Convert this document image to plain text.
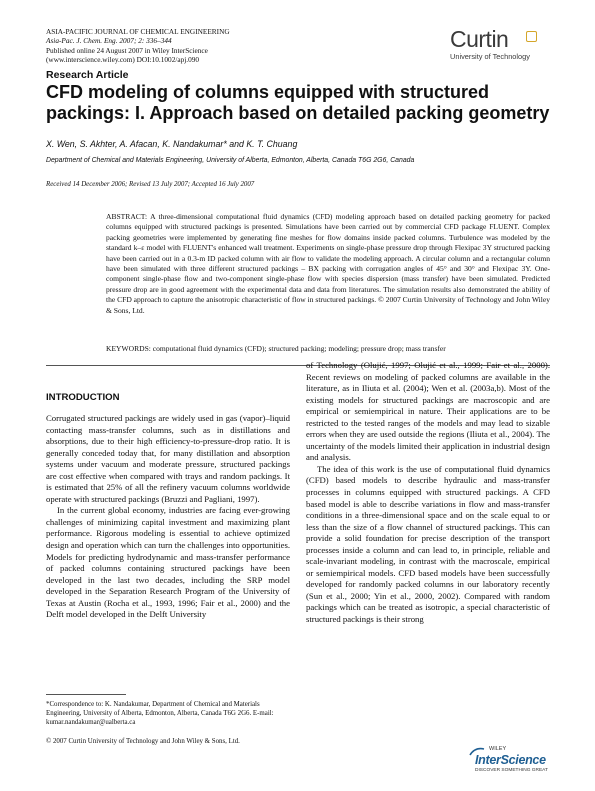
ASIA-PACIFIC JOURNAL OF CHEMICAL ENGINEERING
Asia-Pac. J. Chem. Eng. 2007; 2: 336–344
Published online 24 August 2007 in Wiley InterScience
(www.interscience.wiley.com) DOI:10.1002/apj.090
Curtin
University of Technology
Research Article
CFD modeling of columns equipped with structured packings: I. Approach based on detailed packing geometry
X. Wen, S. Akhter, A. Afacan, K. Nandakumar* and K. T. Chuang
Department of Chemical and Materials Engineering, University of Alberta, Edmonton, Alberta, Canada T6G 2G6, Canada
Received 14 December 2006; Revised 13 July 2007; Accepted 16 July 2007
ABSTRACT: A three-dimensional computational fluid dynamics (CFD) modeling approach based on detailed packing geometry for packed columns equipped with structured packings is presented. Simulations have been carried out by commercial CFD package FLUENT. Complex packing geometries were implemented by generating fine meshes for flow domains inside packed columns. Turbulence was modeled by the standard k–ε model with FLUENT's enhanced wall treatment. Experiments on single-phase pressure drop through Flexipac 3Y structured packing have been carried out in a 0.3-m ID packed column with air flow to validate the modeling approach. A circular column and a rectangular column have been simulated with three different structured packings – BX packing with corrugation angles of 45° and 30° and Flexipac 3Y. One-component single-phase flow and two-component single-phase flow with species dispersion (mass transfer) have been simulated. Predicted pressure drop are in good agreement with the experimental data and data from literatures. The simulation results also demonstrated the ability of the CFD approach to capture the anisotropic characteristic of flow in structured packings. © 2007 Curtin University of Technology and John Wiley & Sons, Ltd.
KEYWORDS: computational fluid dynamics (CFD); structured packing; modeling; pressure drop; mass transfer
INTRODUCTION

Corrugated structured packings are widely used in gas (vapor)–liquid contacting mass-transfer columns, such as in distillations and absorptions, due to their high efficiency-to-pressure-drop ratio. It is generally conceded today that, for many distillation and absorption systems under vacuum and moderate pressure, structured packings are cost effective when compared with trays and random packings. It is estimated that 25% of all the refinery vacuum columns worldwide operate with structured packings (Bruzzi and Pagliani, 1997).

In the current global economy, industries are facing ever-growing challenges of minimizing capital investment and maximizing plant performance. Rigorous modeling is essential to achieve optimized design and operation which can turn the challenges into opportunities. Models for predicting hydrodynamic and mass-transfer performance of packed columns containing structured packings have been developed in the last two decades, including the SRP model developed in the Separation Research Program of the University of Texas at Austin (Rocha et al., 1993, 1996; Fair et al., 2000) and the Delft model developed in the Delft University

of Technology (Olujić, 1997; Olujić et al., 1999; Fair et al., 2000). Recent reviews on modeling of packed columns are available in the literature, as in Iliuta et al. (2004); Wen et al. (2003a,b). Most of the existing models for structured packings are macroscopic and are empirical or semiempirical in nature. Their applications are to be restricted to the tested ranges of the models and may lead to sizable errors when they are used outside the regions (Iliuta et al., 2004). The uncertainty of the models limited their application in industrial design and analysis.

The idea of this work is the use of computational fluid dynamics (CFD) based models to describe hydraulic and mass-transfer processes in columns equipped with structured packings. A CFD based model is able to describe variations in flow and mass-transfer conditions in a three-dimensional space and on the scale equal to or less than the size of a flow channel of structured packings. This can provide a solid foundation for precise description of the transport processes inside a column and can lead to, in principle, reliable and scale-invariant modeling, in contrast with the macroscale, empirical or semiempirical models. CFD based models have been successfully developed for randomly packed columns in our laboratory recently (Sun et al., 2000; Yin et al., 2000, 2002). Compared with random packings which can be treated as isotropic, a special characteristic of structured packings is their strong

*Correspondence to: K. Nandakumar, Department of Chemical and Materials Engineering, University of Alberta, Edmonton, Alberta, Canada T6G 2G6. E-mail: kumar.nandakumar@ualberta.ca
© 2007 Curtin University of Technology and John Wiley & Sons, Ltd.
WILEY
InterScience
DISCOVER SOMETHING GREAT
